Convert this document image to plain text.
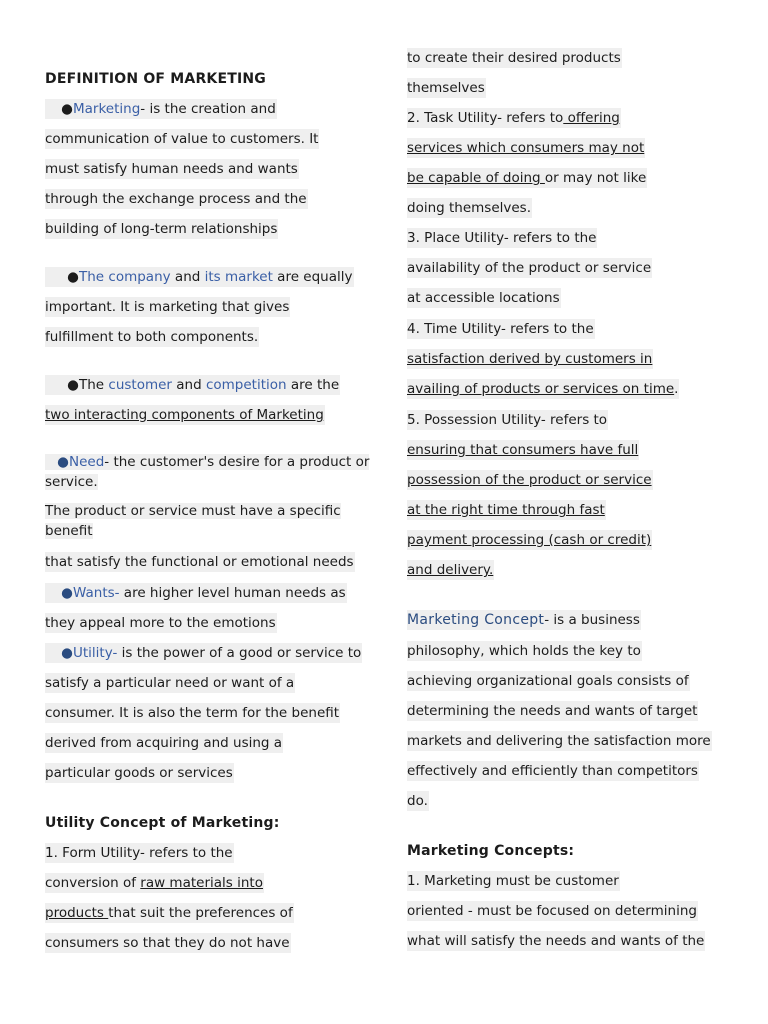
DEFINITION OF MARKETING
●Marketing- is the creation and
communication of value to customers. It
must satisfy human needs and wants
through the exchange process and the
building of long-term relationships
●The company and its market are equally
important. It is marketing that gives
fulfillment to both components.
●The customer and competition are the
two interacting components of Marketing
●Need- the customer's desire for a product or service.
The product or service must have a specific benefit
that satisfy the functional or emotional needs
●Wants- are higher level human needs as
they appeal more to the emotions
●Utility- is the power of a good or service to
satisfy a particular need or want of a
consumer. It is also the term for the benefit
derived from acquiring and using a
particular goods or services
Utility Concept of Marketing:
1. Form Utility- refers to the
conversion of raw materials into
products that suit the preferences of
consumers so that they do not have
to create their desired products
themselves
2. Task Utility- refers to offering
services which consumers may not
be capable of doing or may not like
doing themselves.
3. Place Utility- refers to the
availability of the product or service
at accessible locations
4. Time Utility- refers to the
satisfaction derived by customers in
availing of products or services on time.
5. Possession Utility- refers to
ensuring that consumers have full
possession of the product or service
at the right time through fast
payment processing (cash or credit)
and delivery.
Marketing Concept- is a business
philosophy, which holds the key to
achieving organizational goals consists of
determining the needs and wants of target
markets and delivering the satisfaction more
effectively and efficiently than competitors
do.
Marketing Concepts:
1. Marketing must be customer
oriented - must be focused on determining
what will satisfy the needs and wants of the
